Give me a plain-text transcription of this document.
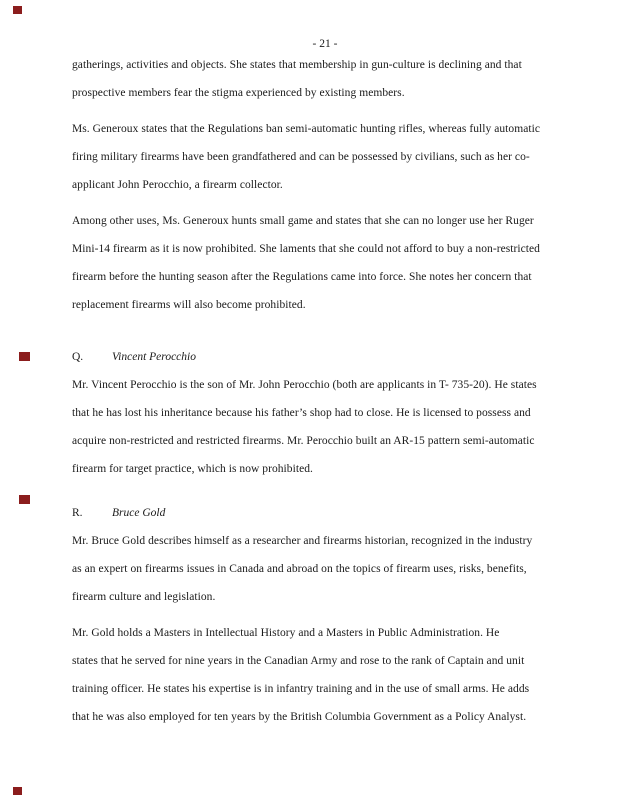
- 21 -
gatherings, activities and objects. She states that membership in gun-culture is declining and that
prospective members fear the stigma experienced by existing members.
Ms. Generoux states that the Regulations ban semi-automatic hunting rifles, whereas fully automatic
firing military firearms have been grandfathered and can be possessed by civilians, such as her co-
applicant John Perocchio, a firearm collector.
Among other uses, Ms. Generoux hunts small game and states that she can no longer use her Ruger
Mini-14 firearm as it is now prohibited. She laments that she could not afford to buy a non-restricted
firearm before the hunting season after the Regulations came into force. She notes her concern that
replacement firearms will also become prohibited.
Q.	Vincent Perocchio
Mr. Vincent Perocchio is the son of Mr. John Perocchio (both are applicants in T- 735-20). He states
that he has lost his inheritance because his father’s shop had to close. He is licensed to possess and
acquire non-restricted and restricted firearms. Mr. Perocchio built an AR-15 pattern semi-automatic
firearm for target practice, which is now prohibited.
R.	Bruce Gold
Mr. Bruce Gold describes himself as a researcher and firearms historian, recognized in the industry
as an expert on firearms issues in Canada and abroad on the topics of firearm uses, risks, benefits,
firearm culture and legislation.
Mr. Gold holds a Masters in Intellectual History and a Masters in Public Administration. He
states that he served for nine years in the Canadian Army and rose to the rank of Captain and unit
training officer. He states his expertise is in infantry training and in the use of small arms. He adds
that he was also employed for ten years by the British Columbia Government as a Policy Analyst.
